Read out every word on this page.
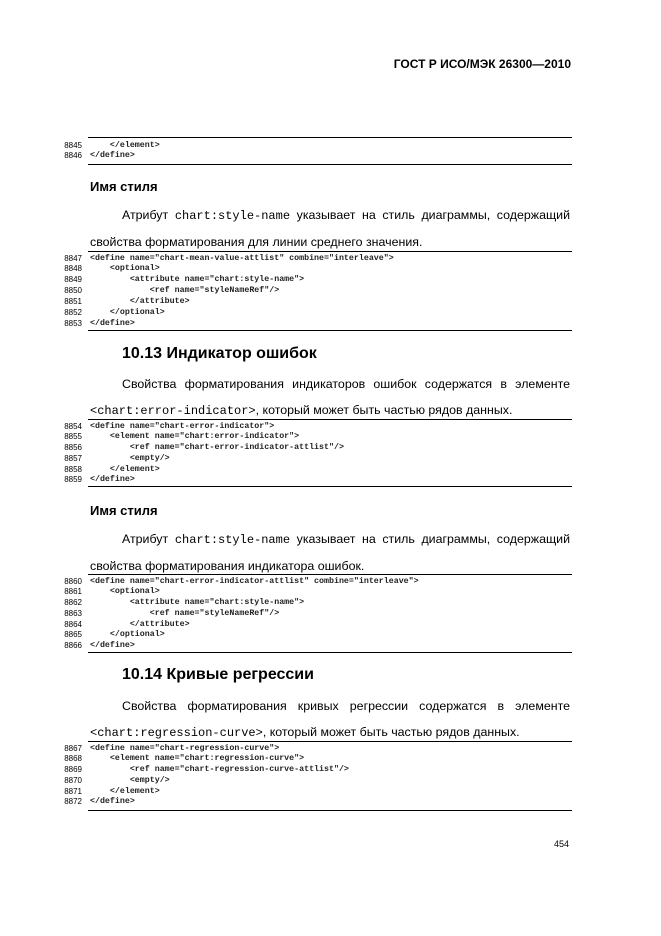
ГОСТ Р ИСО/МЭК 26300—2010
8845 </element>
8846 </define>
Имя стиля
Атрибут chart:style-name указывает на стиль диаграммы, содержащий
свойства форматирования для линии среднего значения.
8847 <define name="chart-mean-value-attlist" combine="interleave">
8848 <optional>
8849 <attribute name="chart:style-name">
8850 <ref name="styleNameRef"/>
8851 </attribute>
8852 </optional>
8853 </define>
10.13 Индикатор ошибок
Свойства форматирования индикаторов ошибок содержатся в элементе
<chart:error-indicator>, который может быть частью рядов данных.
8854 <define name="chart-error-indicator">
8855 <element name="chart:error-indicator">
8856 <ref name="chart-error-indicator-attlist"/>
8857 <empty/>
8858 </element>
8859 </define>
Имя стиля
Атрибут chart:style-name указывает на стиль диаграммы, содержащий
свойства форматирования индикатора ошибок.
8860 <define name="chart-error-indicator-attlist" combine="interleave">
8861 <optional>
8862 <attribute name="chart:style-name">
8863 <ref name="styleNameRef"/>
8864 </attribute>
8865 </optional>
8866 </define>
10.14 Кривые регрессии
Свойства форматирования кривых регрессии содержатся в элементе
<chart:regression-curve>, который может быть частью рядов данных.
8867 <define name="chart-regression-curve">
8868 <element name="chart:regression-curve">
8869 <ref name="chart-regression-curve-attlist"/>
8870 <empty/>
8871 </element>
8872 </define>
454
